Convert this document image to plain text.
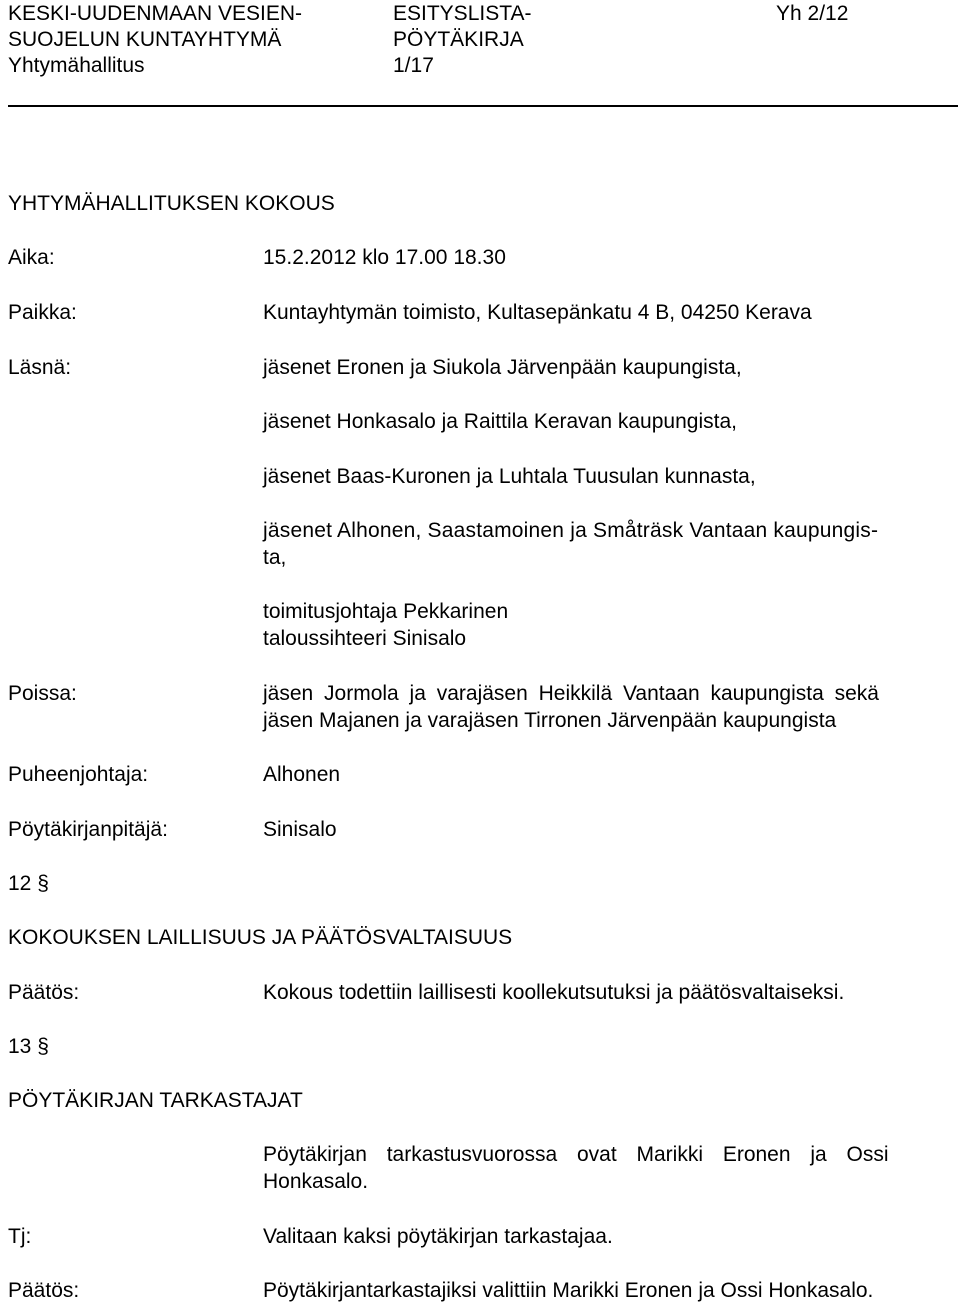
KESKI-UUDENMAAN VESIEN-
SUOJELUN KUNTAYHTYMÄ
Yhtymähallitus
ESITYSLISTA-
PÖYTÄKIRJA
1/17
Yh 2/12
YHTYMÄHALLITUKSEN KOKOUS
Aika:	15.2.2012 klo 17.00 18.30
Paikka:	Kuntayhtymän toimisto, Kultasepänkatu 4 B, 04250 Kerava
Läsnä:	jäsenet Eronen ja Siukola Järvenpään kaupungista,
jäsenet Honkasalo ja Raittila Keravan kaupungista,
jäsenet Baas-Kuronen ja Luhtala Tuusulan kunnasta,
jäsenet Alhonen, Saastamoinen ja Småträsk Vantaan kaupungis-
ta,
toimitusjohtaja Pekkarinen
taloussihteeri Sinisalo
Poissa:	jäsen Jormola ja varajäsen Heikkilä Vantaan kaupungista sekä
jäsen Majanen ja varajäsen Tirronen Järvenpään kaupungista
Puheenjohtaja:	Alhonen
Pöytäkirjanpitäjä:	Sinisalo
12 §
KOKOUKSEN LAILLISUUS JA PÄÄTÖSVALTAISUUS
Päätös:	Kokous todettiin laillisesti koollekutsutuksi ja päätösvaltaiseksi.
13 §
PÖYTÄKIRJAN TARKASTAJAT
Pöytäkirjan tarkastusvuorossa ovat Marikki Eronen ja Ossi
Honkasalo.
Tj:	Valitaan kaksi pöytäkirjan tarkastajaa.
Päätös:	Pöytäkirjantarkastajiksi valittiin Marikki Eronen ja Ossi Honkasalo.
